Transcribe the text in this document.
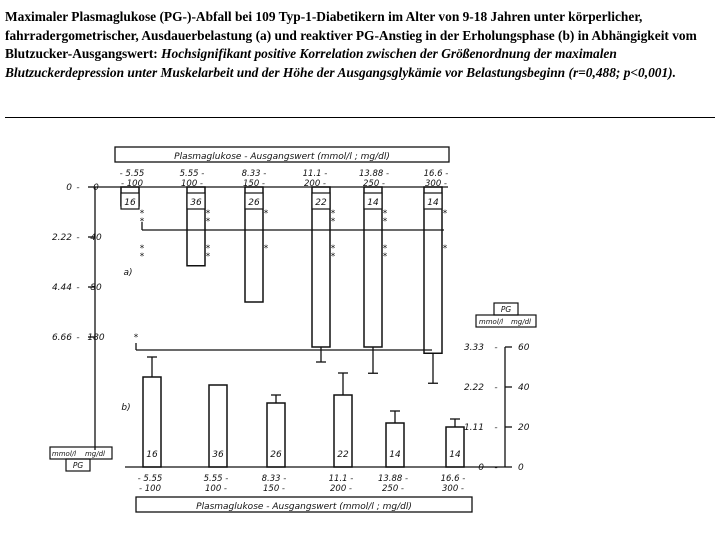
Maximaler Plasmaglukose (PG-)-Abfall bei 109 Typ-1-Diabetikern im Alter von 9-18 Jahren unter körperlicher, fahrradergometrischer, Ausdauerbelastung (a) und reaktiver PG-Anstieg in der Erholungsphase (b) in Abhängigkeit vom Blutzucker-Ausgangswert: Hochsignifikant positive Korrelation zwischen der Größenordnung der maximalen Blutzuckerdepression unter Muskelarbeit und der Höhe der Ausgangsglykämie vor Belastungsbeginn (r=0,488; p<0,001).
Plasmaglukose - Ausgangswert (mmol/l ; mg/dl)
- 5.55
- 100
5.55 -
100 -
8.33 -
150 -
11.1 -
200 -
13.88 -
250 -
16.6 -
300 -
0 - 0
2.22 - 40
4.44 - 80
6.66 - 180
mmol/l mg/dl
PG
a)
b)
16
*
*
*
*
36
*
*
*
*
26
*
*
22
*
*
*
*
14
*
*
*
*
14
*
*
*
16	36	26	22	14	14
0 - 0
1.11 - 20
2.22 - 40
3.33 - 60
PG
mmol/l mg/dl
- 5.55
- 100
5.55 -
100 -
8.33 -
150 -
11.1 -
200 -
13.88 -
250 -
16.6 -
300 -
Plasmaglukose - Ausgangswert (mmol/l ; mg/dl)
